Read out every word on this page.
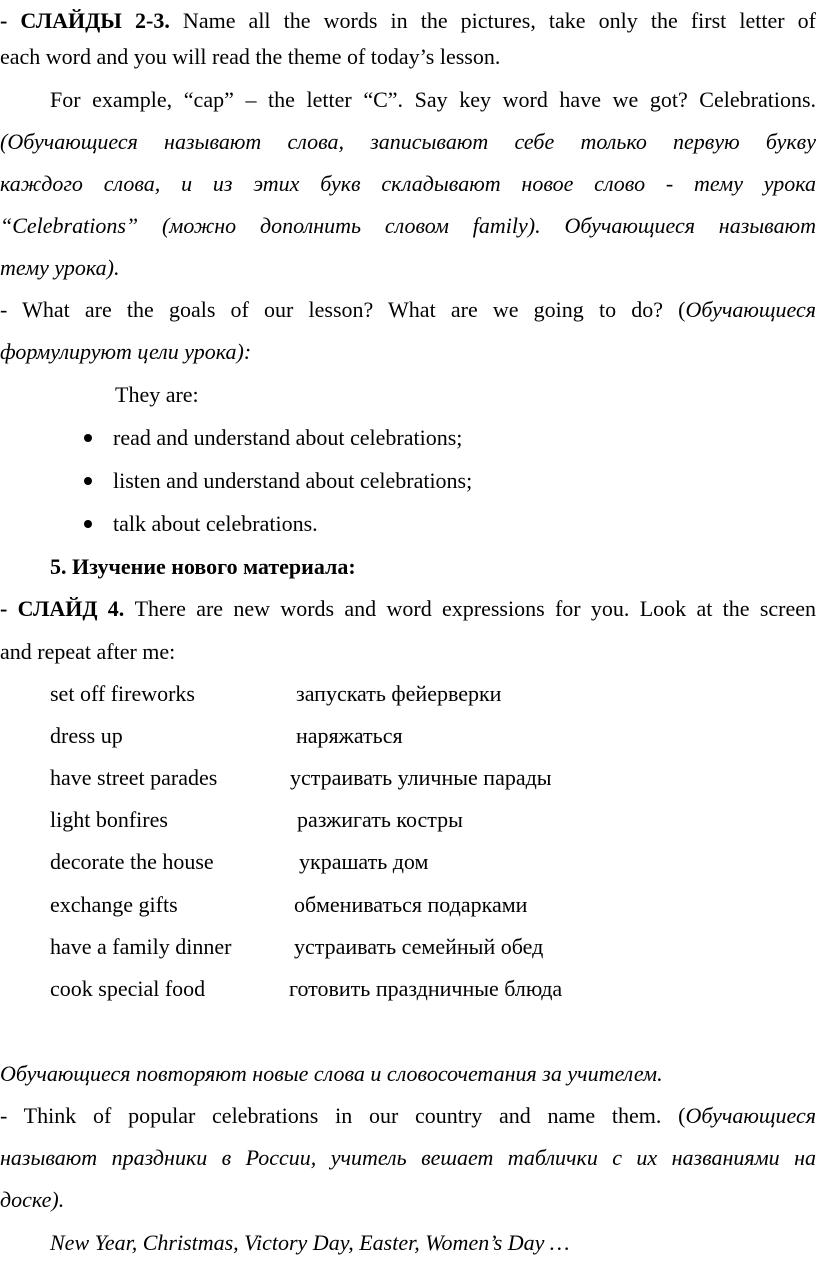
- СЛАЙДЫ 2-3. Name all the words in the pictures, take only the first letter of
each word and you will read the theme of today’s lesson.
For example, “cap” – the letter “C”. Say key word have we got? Celebrations.
(Обучающиеся называют слова, записывают себе только первую букву
каждого слова, и из этих букв складывают новое слово - тему урока
“Celebrations” (можно дополнить словом family). Обучающиеся называют
тему урока).
- What are the goals of our lesson? What are we going to do? (Обучающиеся
формулируют цели урока):
They are:
read and understand about celebrations;
listen and understand about celebrations;
talk about celebrations.
5. Изучение нового материала:
- СЛАЙД 4. There are new words and word expressions for you. Look at the screen
and repeat after me:
set off fireworks	запускать фейерверки
dress up	наряжаться
have street parades	устраивать уличные парады
light bonfires	разжигать костры
decorate the house	украшать дом
exchange gifts	обмениваться подарками
have a family dinner	устраивать семейный обед
cook special food	готовить праздничные блюда
Обучающиеся повторяют новые слова и словосочетания за учителем.
- Think of popular celebrations in our country and name them. (Обучающиеся
называют праздники в России, учитель вешает таблички с их названиями на
доске).
New Year, Christmas, Victory Day, Easter, Women’s Day …
